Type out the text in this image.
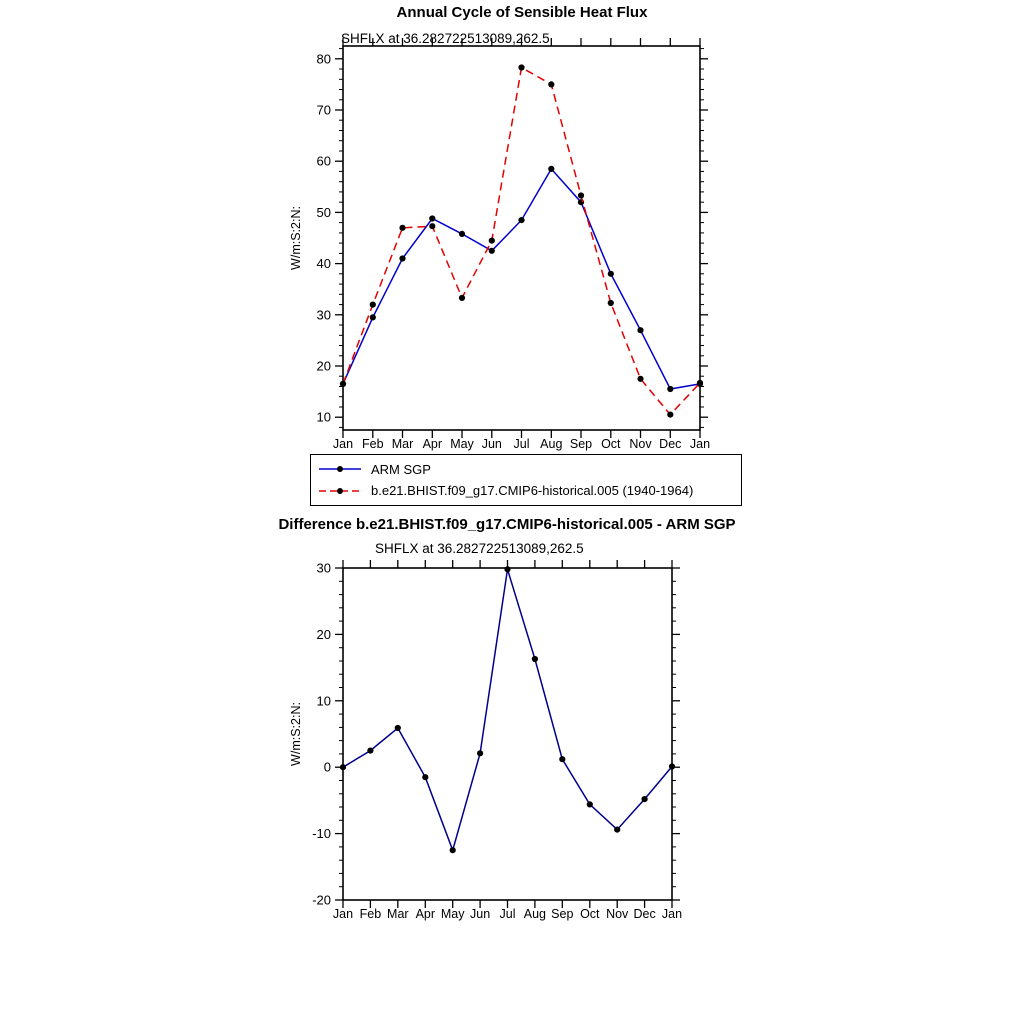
10
20
30
40
50
60
70
80
Jan Feb Mar Apr May Jun Jul Aug Sep Oct Nov Dec Jan
-20
-10
0
10
20
30
Jan Feb Mar Apr May Jun Jul Aug Sep Oct Nov Dec Jan
Annual Cycle of Sensible Heat Flux
SHFLX at 36.282722513089,262.5
W/m:S:2:N:
ARM SGP
b.e21.BHIST.f09_g17.CMIP6-historical.005 (1940-1964)
Difference b.e21.BHIST.f09_g17.CMIP6-historical.005 - ARM SGP
SHFLX at 36.282722513089,262.5
W/m:S:2:N:
